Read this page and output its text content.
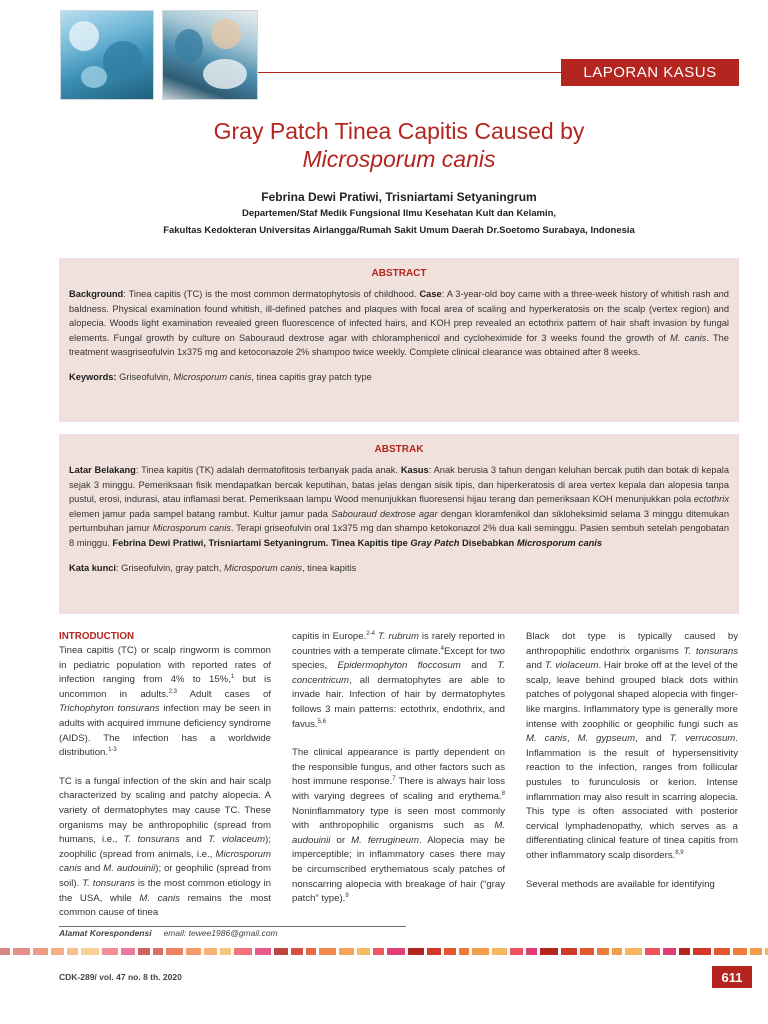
LAPORAN KASUS
Gray Patch Tinea Capitis Caused by
Microsporum canis
Febrina Dewi Pratiwi, Trisniartami Setyaningrum
Departemen/Staf Medik Fungsional Ilmu Kesehatan Kult dan Kelamin,
Fakultas Kedokteran Universitas Airlangga/Rumah Sakit Umum Daerah Dr.Soetomo Surabaya, Indonesia
ABSTRACT

Background: Tinea capitis (TC) is the most common dermatophytosis of childhood. Case: A 3-year-old boy came with a three-week history of whitish rash and baldness. Physical examination found whitish, ill-defined patches and plaques with focal area of scaling and hyperkeratosis on the scalp (vertex region) and alopecia. Woods light examination revealed green fluorescence of infected hairs, and KOH prep revealed an ectothrix pattern of hair shaft invasion by fungal elements. Fungal growth by culture on Sabouraud dextrose agar with chloramphenicol and cycloheximide for 3 weeks found the growth of M. canis. The treatment wasgriseofulvin 1x375 mg and ketoconazole 2% shampoo twice weekly. Complete clinical clearance was obtained after 8 weeks.

Keywords: Griseofulvin, Microsporum canis, tinea capitis gray patch type

ABSTRAK

Latar Belakang: Tinea kapitis (TK) adalah dermatofitosis terbanyak pada anak. Kasus: Anak berusia 3 tahun dengan keluhan bercak putih dan botak di kepala sejak 3 minggu. Pemeriksaan fisik mendapatkan bercak keputihan, batas jelas dengan sisik tipis, dan hiperkeratosis di area vertex kepala dan alopesia tanpa pustul, erosi, indurasi, atau inflamasi berat. Pemeriksaan lampu Wood menunjukkan fluoresensi hijau terang dan pemeriksaan KOH menunjukkan pola ectothrix elemen jamur pada sampel batang rambut. Kultur jamur pada Sabouraud dextrose agar dengan kloramfenikol dan sikloheksimid selama 3 minggu ditemukan pertumbuhan jamur Microsporum canis. Terapi griseofulvin oral 1x375 mg dan shampo ketokonazol 2% dua kali seminggu. Pasien sembuh setelah pengobatan 8 minggu. Febrina Dewi Pratiwi, Trisniartami Setyaningrum. Tinea Kapitis tipe Gray Patch Disebabkan Microsporum canis

Kata kunci: Griseofulvin, gray patch, Microsporum canis, tinea kapitis

INTRODUCTION

Tinea capitis (TC) or scalp ringworm is common in pediatric population with reported rates of infection ranging from 4% to 15%,$^1$ but is uncommon in adults.$^{2,3}$ Adult cases of Trichophyton tonsurans infection may be seen in adults with acquired immune deficiency syndrome (AIDS). The infection has a worldwide distribution.$^{1-3}$

TC is a fungal infection of the skin and hair scalp characterized by scaling and patchy alopecia. A variety of dermatophytes may cause TC. These organisms may be anthropophilic (spread from humans, i.e., T. tonsurans and T. violaceum); zoophilic (spread from animals, i.e., Microsporum canis and M. audouinii); or geophilic (spread from soil). T. tonsurans is the most common etiology in the USA, while M. canis remains the most common cause of tinea

capitis in Europe.$^{2-4}$ T. rubrum is rarely reported in countries with a temperate climate.$^4$Except for two species, Epidermophyton floccosum and T. concentricum, all dermatophytes are able to invade hair. Infection of hair by dermatophytes follows 3 main patterns: ectothrix, endothrix, and favus.$^{5,6}$

The clinical appearance is partly dependent on the responsible fungus, and other factors such as host immune response.$^7$ There is always hair loss with varying degrees of scaling and erythema.$^8$ Noninflammatory type is seen most commonly with anthropophilic organisms such as M. audouinii or M. ferrugineum. Alopecia may be imperceptible; in inflammatory cases there may be circumscribed erythematous scaly patches of nonscarring alopecia with breakage of hair (“gray patch” type).$^9$

Black dot type is typically caused by anthropophilic endothrix organisms T. tonsurans and T. violaceum. Hair broke off at the level of the scalp, leave behind grouped black dots within patches of polygonal shaped alopecia with finger-like margins. Inflammatory type is generally more intense with zoophilic or geophilic fungi such as M. canis, M. gypseum, and T. verrucosum. Inflammation is the result of hypersensitivity reaction to the infection, ranges from follicular pustules to furunculosis or kerion. Intense inflammation may also result in scarring alopecia. This type is often associated with posterior cervical lymphadenopathy, which serves as a differentiating clinical feature of tinea capitis from other inflammatory scalp disorders.$^{8,9}$

Several methods are available for identifying

Alamat Korespondensi email: tewee1986@gmail.com
CDK-289/ vol. 47 no. 8 th. 2020	611
